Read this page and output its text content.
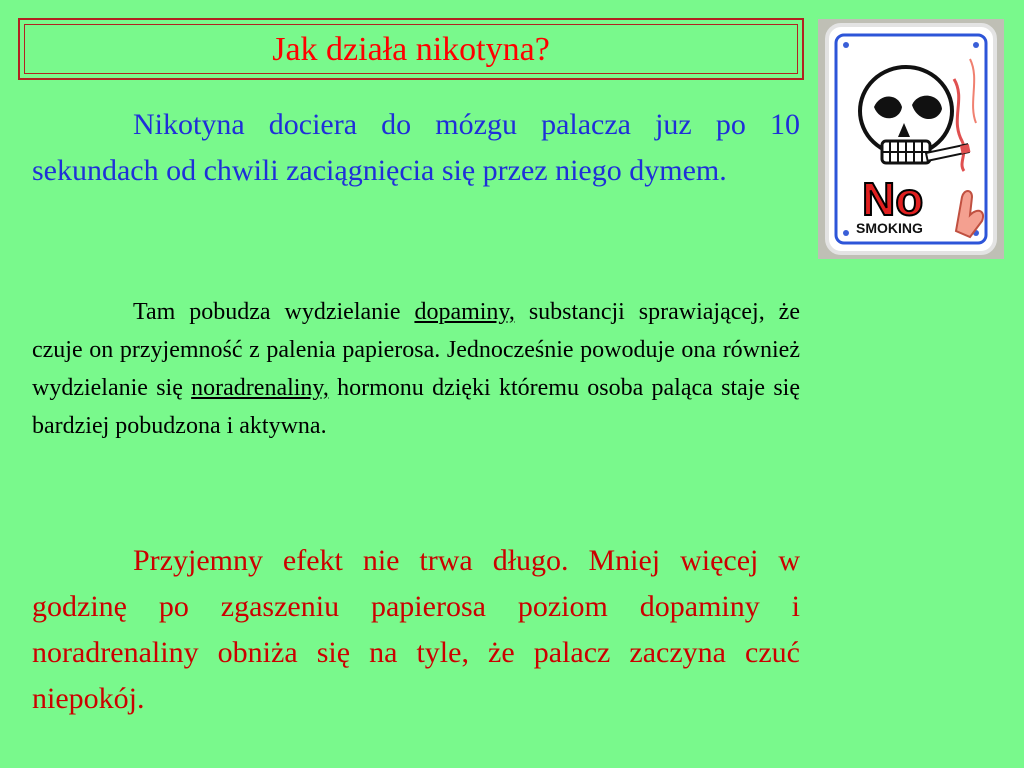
Jak działa nikotyna?

Nikotyna dociera do mózgu palacza juz po 10 sekundach od chwili zaciągnięcia się przez niego dymem.

Tam pobudza wydzielanie dopaminy, substancji sprawiającej, że czuje on przyjemność z palenia papierosa. Jednocześnie powoduje ona również wydzielanie się noradrenaliny, hormonu dzięki któremu osoba paląca staje się bardziej pobudzona i aktywna.

Przyjemny efekt nie trwa długo. Mniej więcej w godzinę po zgaszeniu papierosa poziom dopaminy i noradrenaliny obniża się na tyle, że palacz zaczyna czuć niepokój.

No
SMOKING
